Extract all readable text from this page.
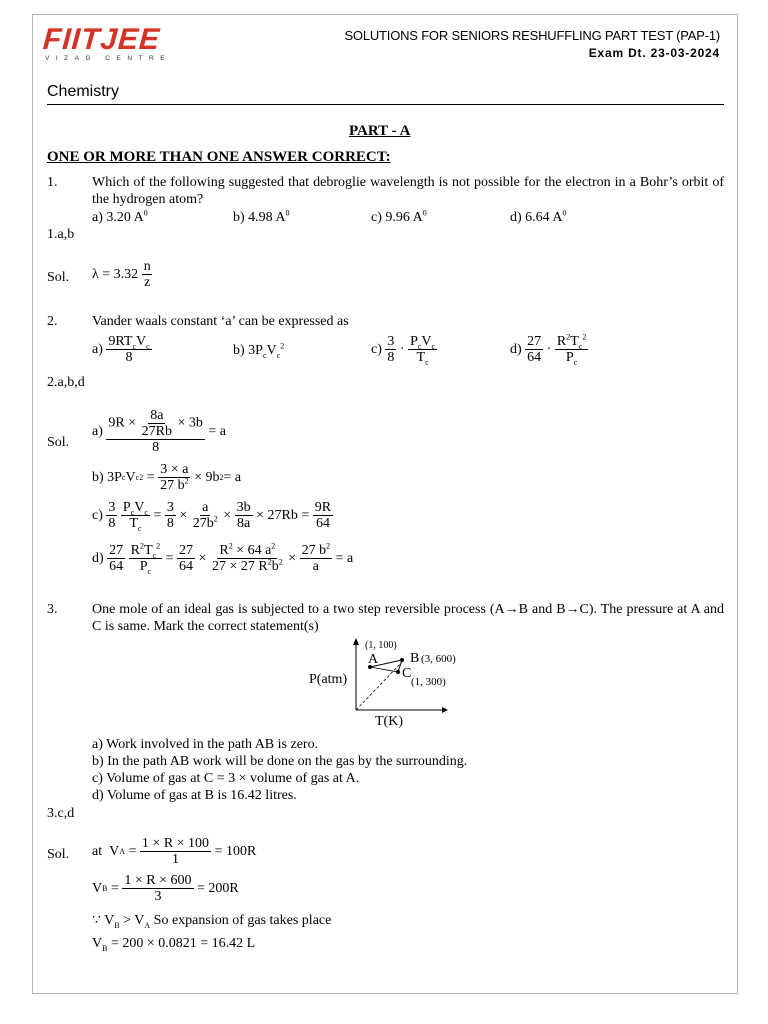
FIITJEE
VIZAG CENTRE
SOLUTIONS FOR SENIORS RESHUFFLING PART TEST (PAP-1)
Exam Dt. 23-03-2024
Chemistry
PART - A
ONE OR MORE THAN ONE ANSWER CORRECT:
1. Which of the following suggested that debroglie wavelength is not possible for the electron in a Bohr’s orbit of the hydrogen atom?
a) 3.20 $A^0$	b) 4.98 $A^0$	c) 9.96 $A^0$	d) 6.64 $A^0$
1.a,b
Sol. λ = 3.32
$\frac{n}{z}$
2. Vander waals constant ‘a’ can be expressed as
$a) \frac{9RT_cV_c}{8}$	b) $3P_cV_c^2$	$c) \frac{3}{8} \cdot \frac{P_cV_c}{T_c}$	$d) \frac{27}{64} \cdot \frac{R^2T_c^2}{P_c}$
2.a,b,d
Sol.
$a) \frac{9R \times \frac{8a}{27Rb} \times 3b}{8} = a$
b) 3P c V c $2 = \frac{3 \times a}{27 b^2} \times 9b$ 2 = a
$c) \frac{3}{8}$
$\frac{P_cV_c}{T_c} = \frac{3}{8} \times \frac{a}{27b^2} \times \frac{3b}{8a} \times 27Rb = \frac{9R}{64}$
$d) \frac{27}{64}$
$\frac{R^2T_c^2}{P_c} = \frac{27}{64} \times \frac{R^2 \times 64 a^2}{27 \times 27 R^2b^2} \times \frac{27 b^2}{a} = a$
3. One mole of an ideal gas is subjected to a two step reversible process (A→B and B→C). The pressure at A and C is same. Mark the correct statement(s)
(1, 100)
A B (3, 600)
C
(1, 300)
P(atm)
T(K)
a) Work involved in the path AB is zero.
b) In the path AB work will be done on the gas by the surrounding.
c) Volume of gas at C = 3 × volume of gas at A.
d) Volume of gas at B is 16.42 litres.
3.c,d
Sol. at V $A = \frac{1 \times R \times 100}{1} = 100R$
V $B = \frac{1 \times R \times 600}{3} = 200R$
∵ $V_B > V_A$ So expansion of gas takes place
$V_B = 200 \times 0.0821 = 16.42$ L
